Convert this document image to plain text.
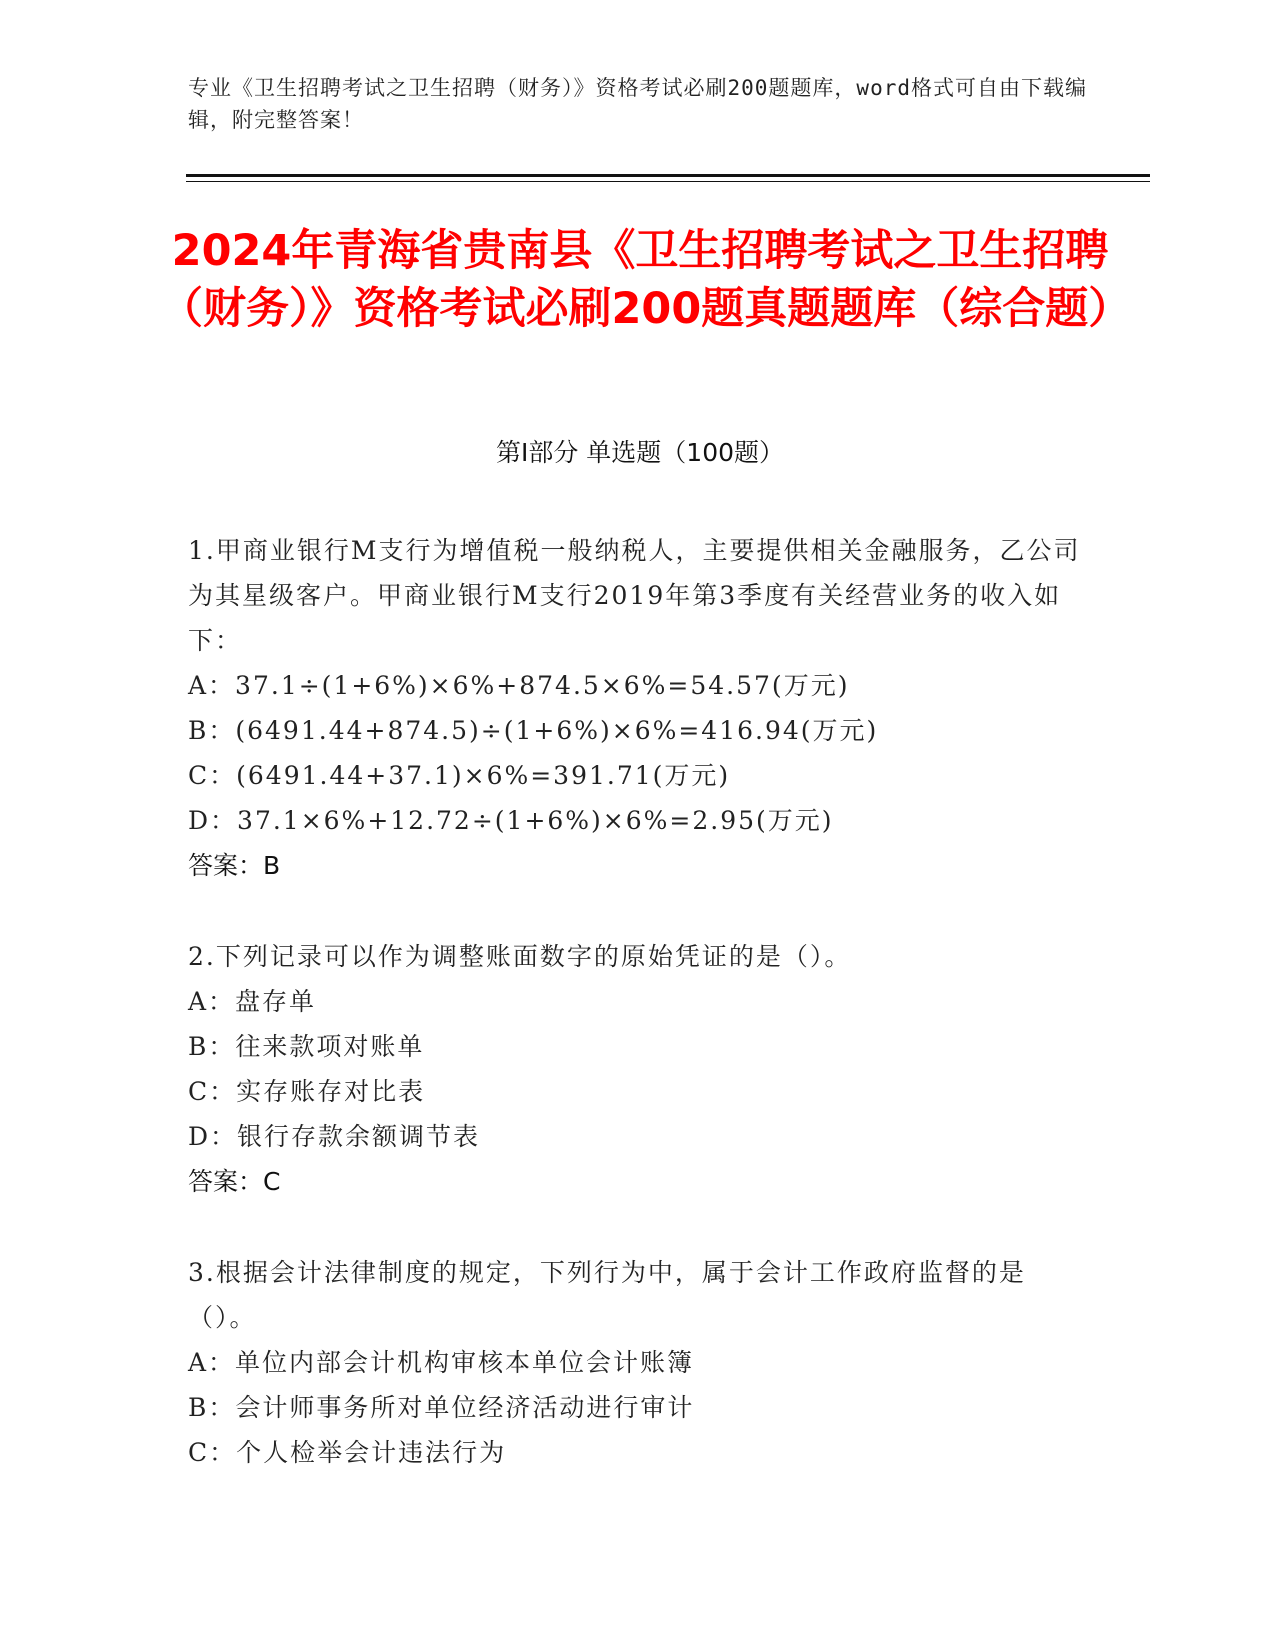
专业《卫生招聘考试之卫生招聘（财务）》资格考试必刷200题题库，word格式可自由下载编辑，附完整答案！
2024年青海省贵南县《卫生招聘考试之卫生招聘（财务）》资格考试必刷200题真题题库（综合题）
第Ⅰ部分 单选题（100题）
1.甲商业银行M支行为增值税一般纳税人，主要提供相关金融服务，乙公司为其星级客户。甲商业银行M支行2019年第3季度有关经营业务的收入如下：
A：37.1÷(1+6%)×6%+874.5×6%=54.57(万元)
B：(6491.44+874.5)÷(1+6%)×6%=416.94(万元)
C：(6491.44+37.1)×6%=391.71(万元)
D：37.1×6%+12.72÷(1+6%)×6%=2.95(万元)
答案：B
2.下列记录可以作为调整账面数字的原始凭证的是（）。
A：盘存单
B：往来款项对账单
C：实存账存对比表
D：银行存款余额调节表
答案：C
3.根据会计法律制度的规定，下列行为中，属于会计工作政府监督的是（）。
A：单位内部会计机构审核本单位会计账簿
B：会计师事务所对单位经济活动进行审计
C：个人检举会计违法行为
